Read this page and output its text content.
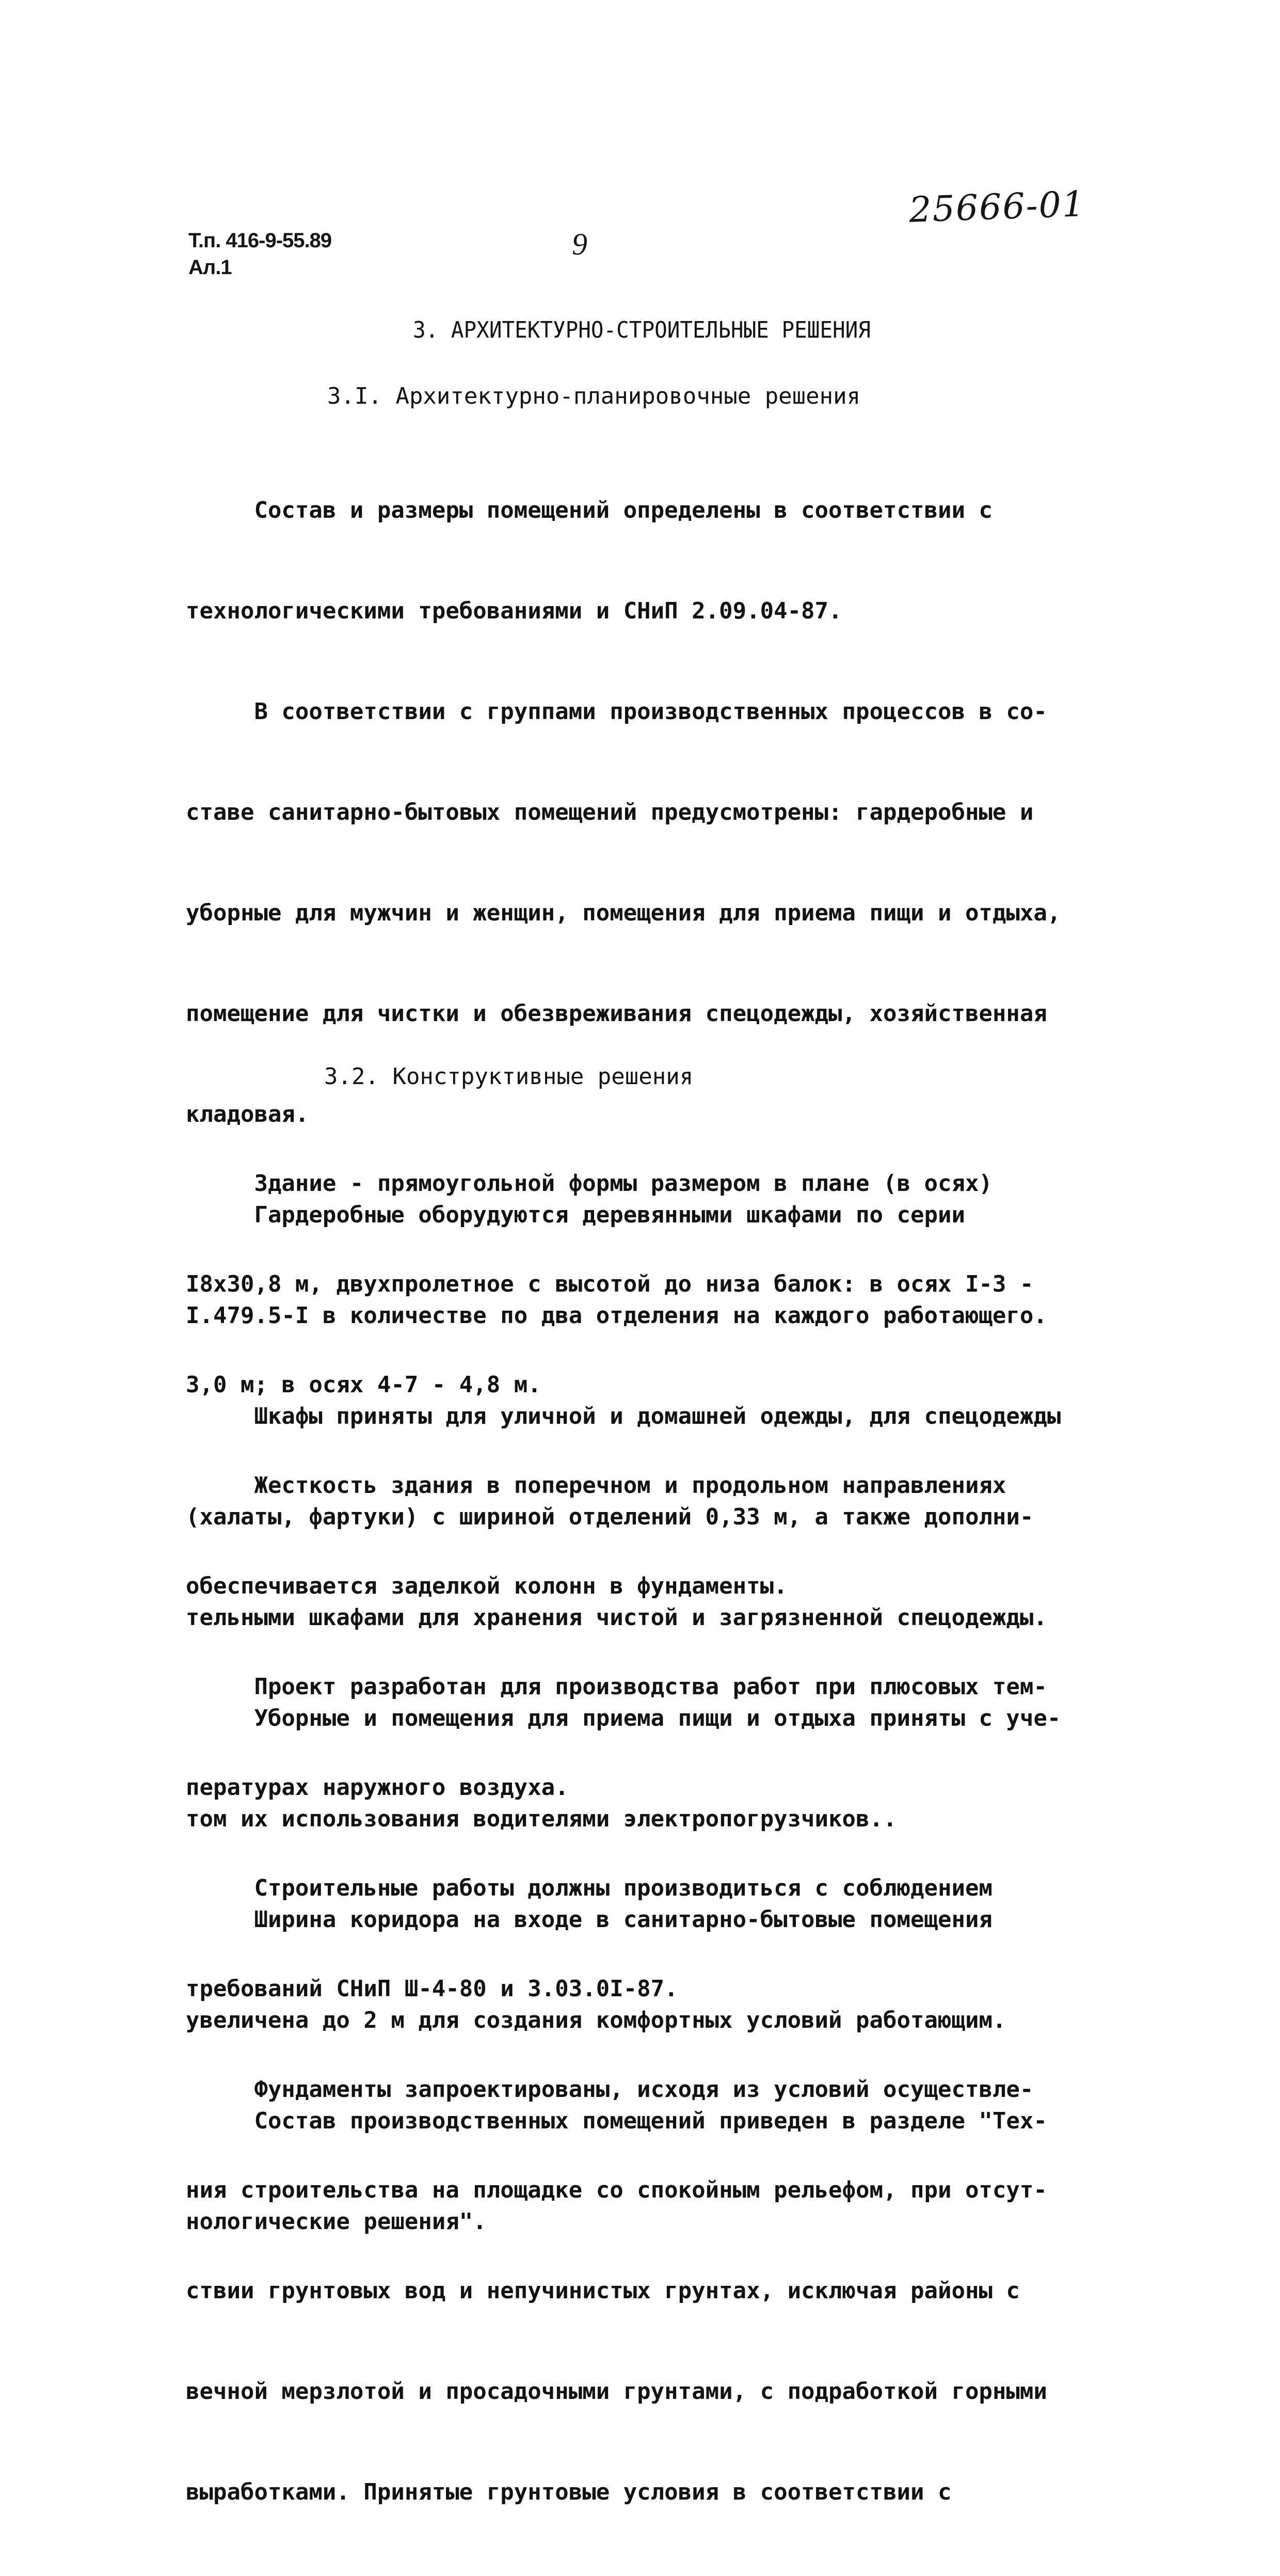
Т.п. 416-9-55.89
Ал.1
9
25666-01
3. АРХИТЕКТУРНО-СТРОИТЕЛЬНЫЕ РЕШЕНИЯ
3.I. Архитектурно-планировочные решения

Состав и размеры помещений определены в соответствии с

технологическими требованиями и СНиП 2.09.04-87.

В соответствии с группами производственных процессов в со-

ставе санитарно-бытовых помещений предусмотрены: гардеробные и

уборные для мужчин и женщин, помещения для приема пищи и отдыха,

помещение для чистки и обезвреживания спецодежды, хозяйственная

кладовая.

Гардеробные оборудуются деревянными шкафами по серии

I.479.5-I в количестве по два отделения на каждого работающего.

Шкафы приняты для уличной и домашней одежды, для спецодежды

(халаты, фартуки) с шириной отделений 0,33 м, а также дополни-

тельными шкафами для хранения чистой и загрязненной спецодежды.

Уборные и помещения для приема пищи и отдыха приняты с уче-

том их использования водителями электропогрузчиков..

Ширина коридора на входе в санитарно-бытовые помещения

увеличена до 2 м для создания комфортных условий работающим.

Состав производственных помещений приведен в разделе "Тех-

нологические решения".

3.2. Конструктивные решения

Здание - прямоугольной формы размером в плане (в осях)

I8х30,8 м, двухпролетное с высотой до низа балок: в осях I-3 -

3,0 м; в осях 4-7 - 4,8 м.

Жесткость здания в поперечном и продольном направлениях

обеспечивается заделкой колонн в фундаменты.

Проект разработан для производства работ при плюсовых тем-

пературах наружного воздуха.

Строительные работы должны производиться с соблюдением

требований СНиП Ш-4-80 и 3.03.0I-87.

Фундаменты запроектированы, исходя из условий осуществле-

ния строительства на площадке со спокойным рельефом, при отсут-

ствии грунтовых вод и непучинистых грунтах, исключая районы с

вечной мерзлотой и просадочными грунтами, с подработкой горными

выработками. Принятые грунтовые условия в соответствии с
